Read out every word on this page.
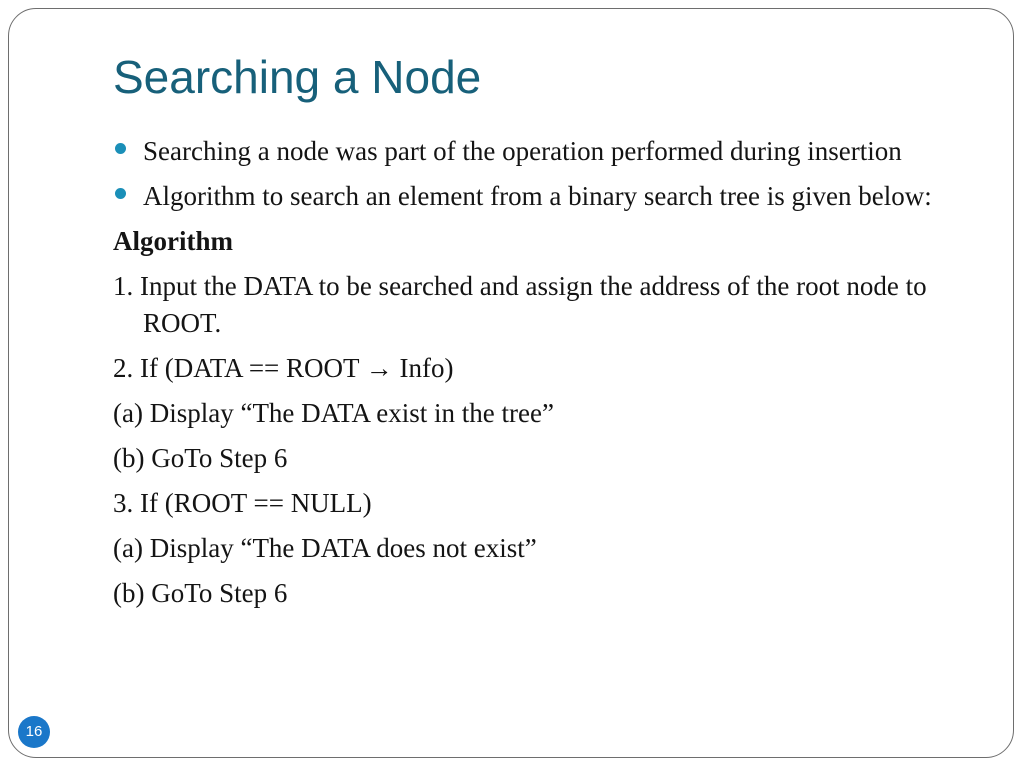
Searching a Node
Searching a node was part of the operation performed during insertion
Algorithm to search an element from a binary search tree is given below:
Algorithm
1. Input the DATA to be searched and assign the address of the root node to ROOT.
2. If (DATA == ROOT → Info)
(a) Display “The DATA exist in the tree”
(b) GoTo Step 6
3. If (ROOT == NULL)
(a) Display “The DATA does not exist”
(b) GoTo Step 6
16
